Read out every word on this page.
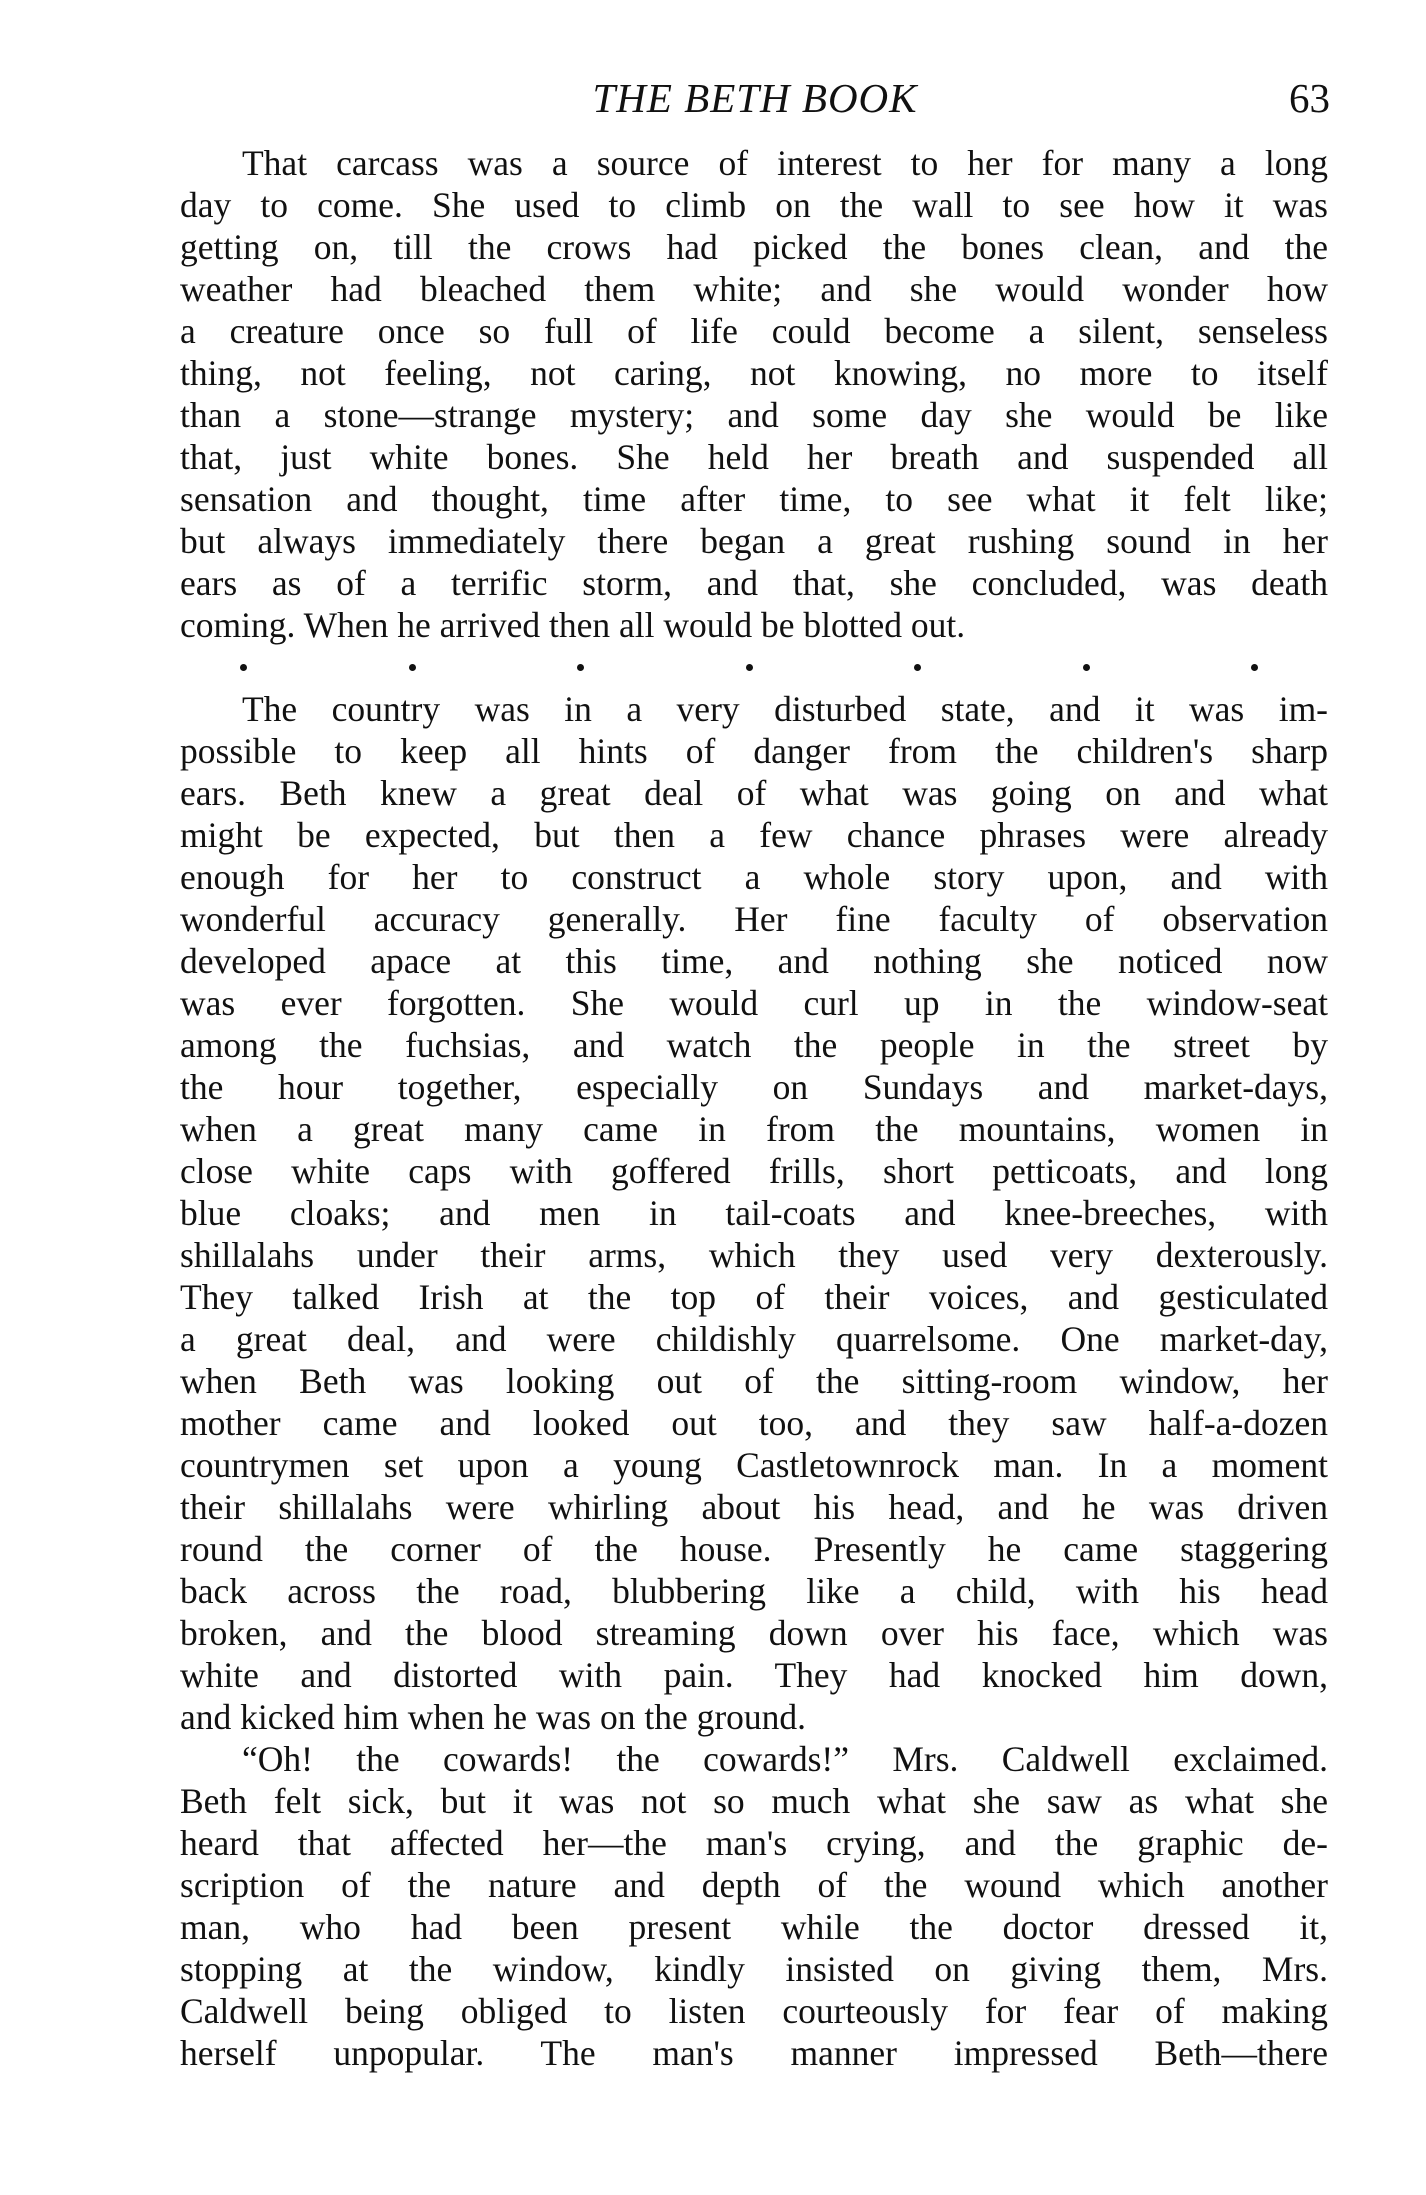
THE BETH BOOK	63
That carcass was a source of interest to her for many a long
day to come. She used to climb on the wall to see how it was
getting on, till the crows had picked the bones clean, and the
weather had bleached them white; and she would wonder how
a creature once so full of life could become a silent, senseless
thing, not feeling, not caring, not knowing, no more to itself
than a stone—strange mystery; and some day she would be like
that, just white bones. She held her breath and suspended all
sensation and thought, time after time, to see what it felt like;
but always immediately there began a great rushing sound in her
ears as of a terrific storm, and that, she concluded, was death
coming. When he arrived then all would be blotted out.
The country was in a very disturbed state, and it was im-
possible to keep all hints of danger from the children's sharp
ears. Beth knew a great deal of what was going on and what
might be expected, but then a few chance phrases were already
enough for her to construct a whole story upon, and with
wonderful accuracy generally. Her fine faculty of observation
developed apace at this time, and nothing she noticed now
was ever forgotten. She would curl up in the window-seat
among the fuchsias, and watch the people in the street by
the hour together, especially on Sundays and market-days,
when a great many came in from the mountains, women in
close white caps with goffered frills, short petticoats, and long
blue cloaks; and men in tail-coats and knee-breeches, with
shillalahs under their arms, which they used very dexterously.
They talked Irish at the top of their voices, and gesticulated
a great deal, and were childishly quarrelsome. One market-day,
when Beth was looking out of the sitting-room window, her
mother came and looked out too, and they saw half-a-dozen
countrymen set upon a young Castletownrock man. In a moment
their shillalahs were whirling about his head, and he was driven
round the corner of the house. Presently he came staggering
back across the road, blubbering like a child, with his head
broken, and the blood streaming down over his face, which was
white and distorted with pain. They had knocked him down,
and kicked him when he was on the ground.
“Oh! the cowards! the cowards!” Mrs. Caldwell exclaimed.
Beth felt sick, but it was not so much what she saw as what she
heard that affected her—the man's crying, and the graphic de-
scription of the nature and depth of the wound which another
man, who had been present while the doctor dressed it,
stopping at the window, kindly insisted on giving them, Mrs.
Caldwell being obliged to listen courteously for fear of making
herself unpopular. The man's manner impressed Beth—there
